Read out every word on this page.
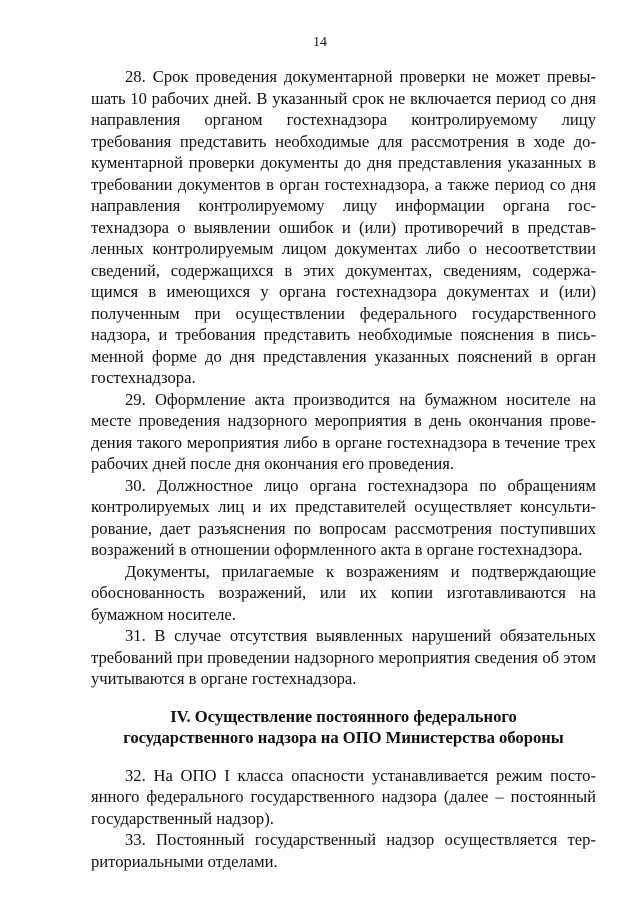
14

28. Срок проведения документарной проверки не может превышать 10 рабочих дней. В указанный срок не включается период со дня направления органом гостехнадзора контролируемому лицу требования представить необходимые для рассмотрения в ходе документарной проверки документы до дня представления указанных в требовании документов в орган гостехнадзора, а также период со дня направления контролируемому лицу информации органа гостехнадзора о выявлении ошибок и (или) противоречий в представленных контролируемым лицом документах либо о несоответствии сведений, содержащихся в этих документах, сведениям, содержащимся в имеющихся у органа гостехнадзора документах и (или) полученным при осуществлении федерального государственного надзора, и требования представить необходимые пояснения в письменной форме до дня представления указанных пояснений в орган гостехнадзора.

29. Оформление акта производится на бумажном носителе на месте проведения надзорного мероприятия в день окончания проведения такого мероприятия либо в органе гостехнадзора в течение трех рабочих дней после дня окончания его проведения.

30. Должностное лицо органа гостехнадзора по обращениям контролируемых лиц и их представителей осуществляет консультирование, дает разъяснения по вопросам рассмотрения поступивших возражений в отношении оформленного акта в органе гостехнадзора.

Документы, прилагаемые к возражениям и подтверждающие обоснованность возражений, или их копии изготавливаются на бумажном носителе.

31. В случае отсутствия выявленных нарушений обязательных требований при проведении надзорного мероприятия сведения об этом учитываются в органе гостехнадзора.

IV. Осуществление постоянного федерального
государственного надзора на ОПО Министерства обороны

32. На ОПО I класса опасности устанавливается режим постоянного федерального государственного надзора (далее – постоянный государственный надзор).

33. Постоянный государственный надзор осуществляется территориальными отделами.
